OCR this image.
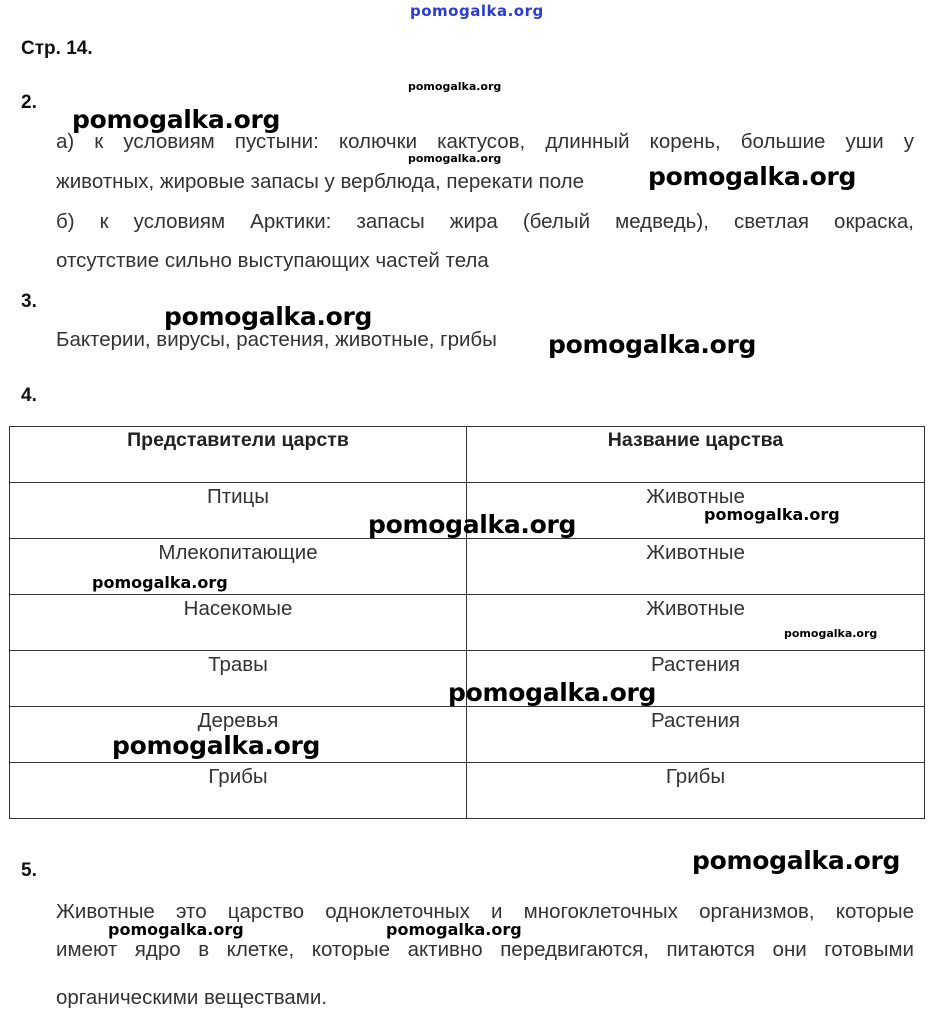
pomogalka.org
Стр. 14.
2.
а) к условиям пустыни: колючки кактусов, длинный корень, большие уши у
животных, жировые запасы у верблюда, перекати поле
б) к условиям Арктики: запасы жира (белый медведь), светлая окраска,
отсутствие сильно выступающих частей тела
3.
Бактерии, вирусы, растения, животные, грибы
4.
Представители царств	Название царства

Птицы	Животные

Млекопитающие	Животные

Насекомые	Животные

Травы	Растения

Деревья	Растения

Грибы	Грибы
5.
Животные это царство одноклеточных и многоклеточных организмов, которые
имеют ядро в клетке, которые активно передвигаются, питаются они готовыми
органическими веществами.
pomogalka.org
pomogalka.org
pomogalka.org
pomogalka.org
pomogalka.org
pomogalka.org
pomogalka.org
pomogalka.org
pomogalka.org
pomogalka.org
pomogalka.org
pomogalka.org
pomogalka.org
pomogalka.org	pomogalka.org
